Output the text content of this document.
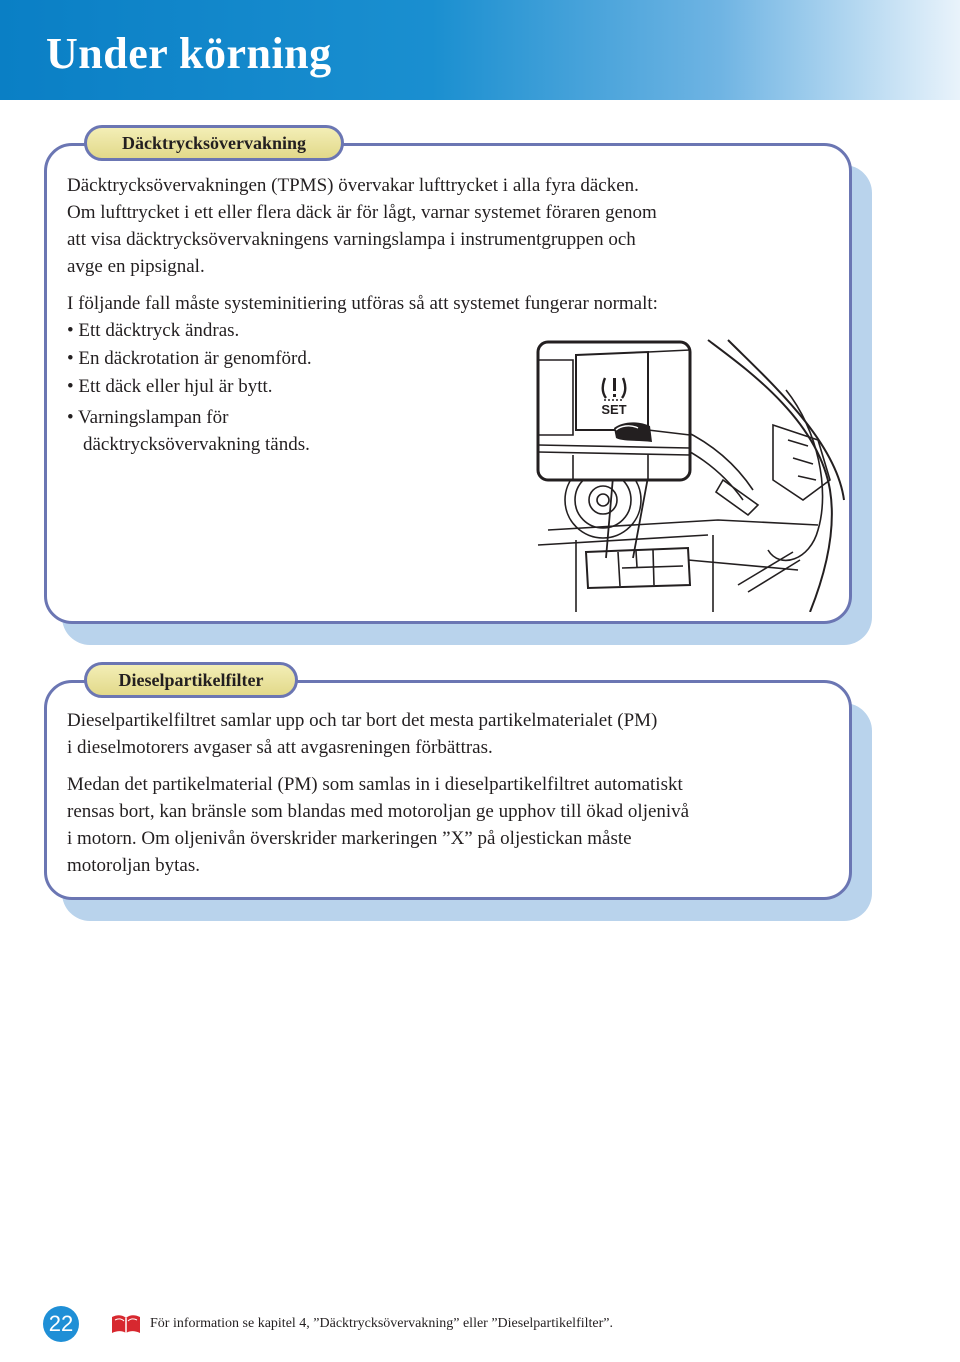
Under körning
Däcktrycksövervakning

Däcktrycksövervakningen (TPMS) övervakar lufttrycket i alla fyra däcken.
Om lufttrycket i ett eller flera däck är för lågt, varnar systemet föraren genom
att visa däcktrycksövervakningens varningslampa i instrumentgruppen och
avge en pipsignal.

I följande fall måste systeminitiering utföras så att systemet fungerar normalt:

• Ett däcktryck ändras.
• En däckrotation är genomförd.
• Ett däck eller hjul är bytt.
• Varningslampan för
däcktrycksövervakning tänds.
SET
Dieselpartikelfilter

Dieselpartikelfiltret samlar upp och tar bort det mesta partikelmaterialet (PM)
i dieselmotorers avgaser så att avgasreningen förbättras.

Medan det partikelmaterial (PM) som samlas in i dieselpartikelfiltret automatiskt
rensas bort, kan bränsle som blandas med motoroljan ge upphov till ökad oljenivå
i motorn. Om oljenivån överskrider markeringen ”X” på oljestickan måste
motoroljan bytas.

22	För information se kapitel 4, ”Däcktrycksövervakning” eller ”Dieselpartikelfilter”.
